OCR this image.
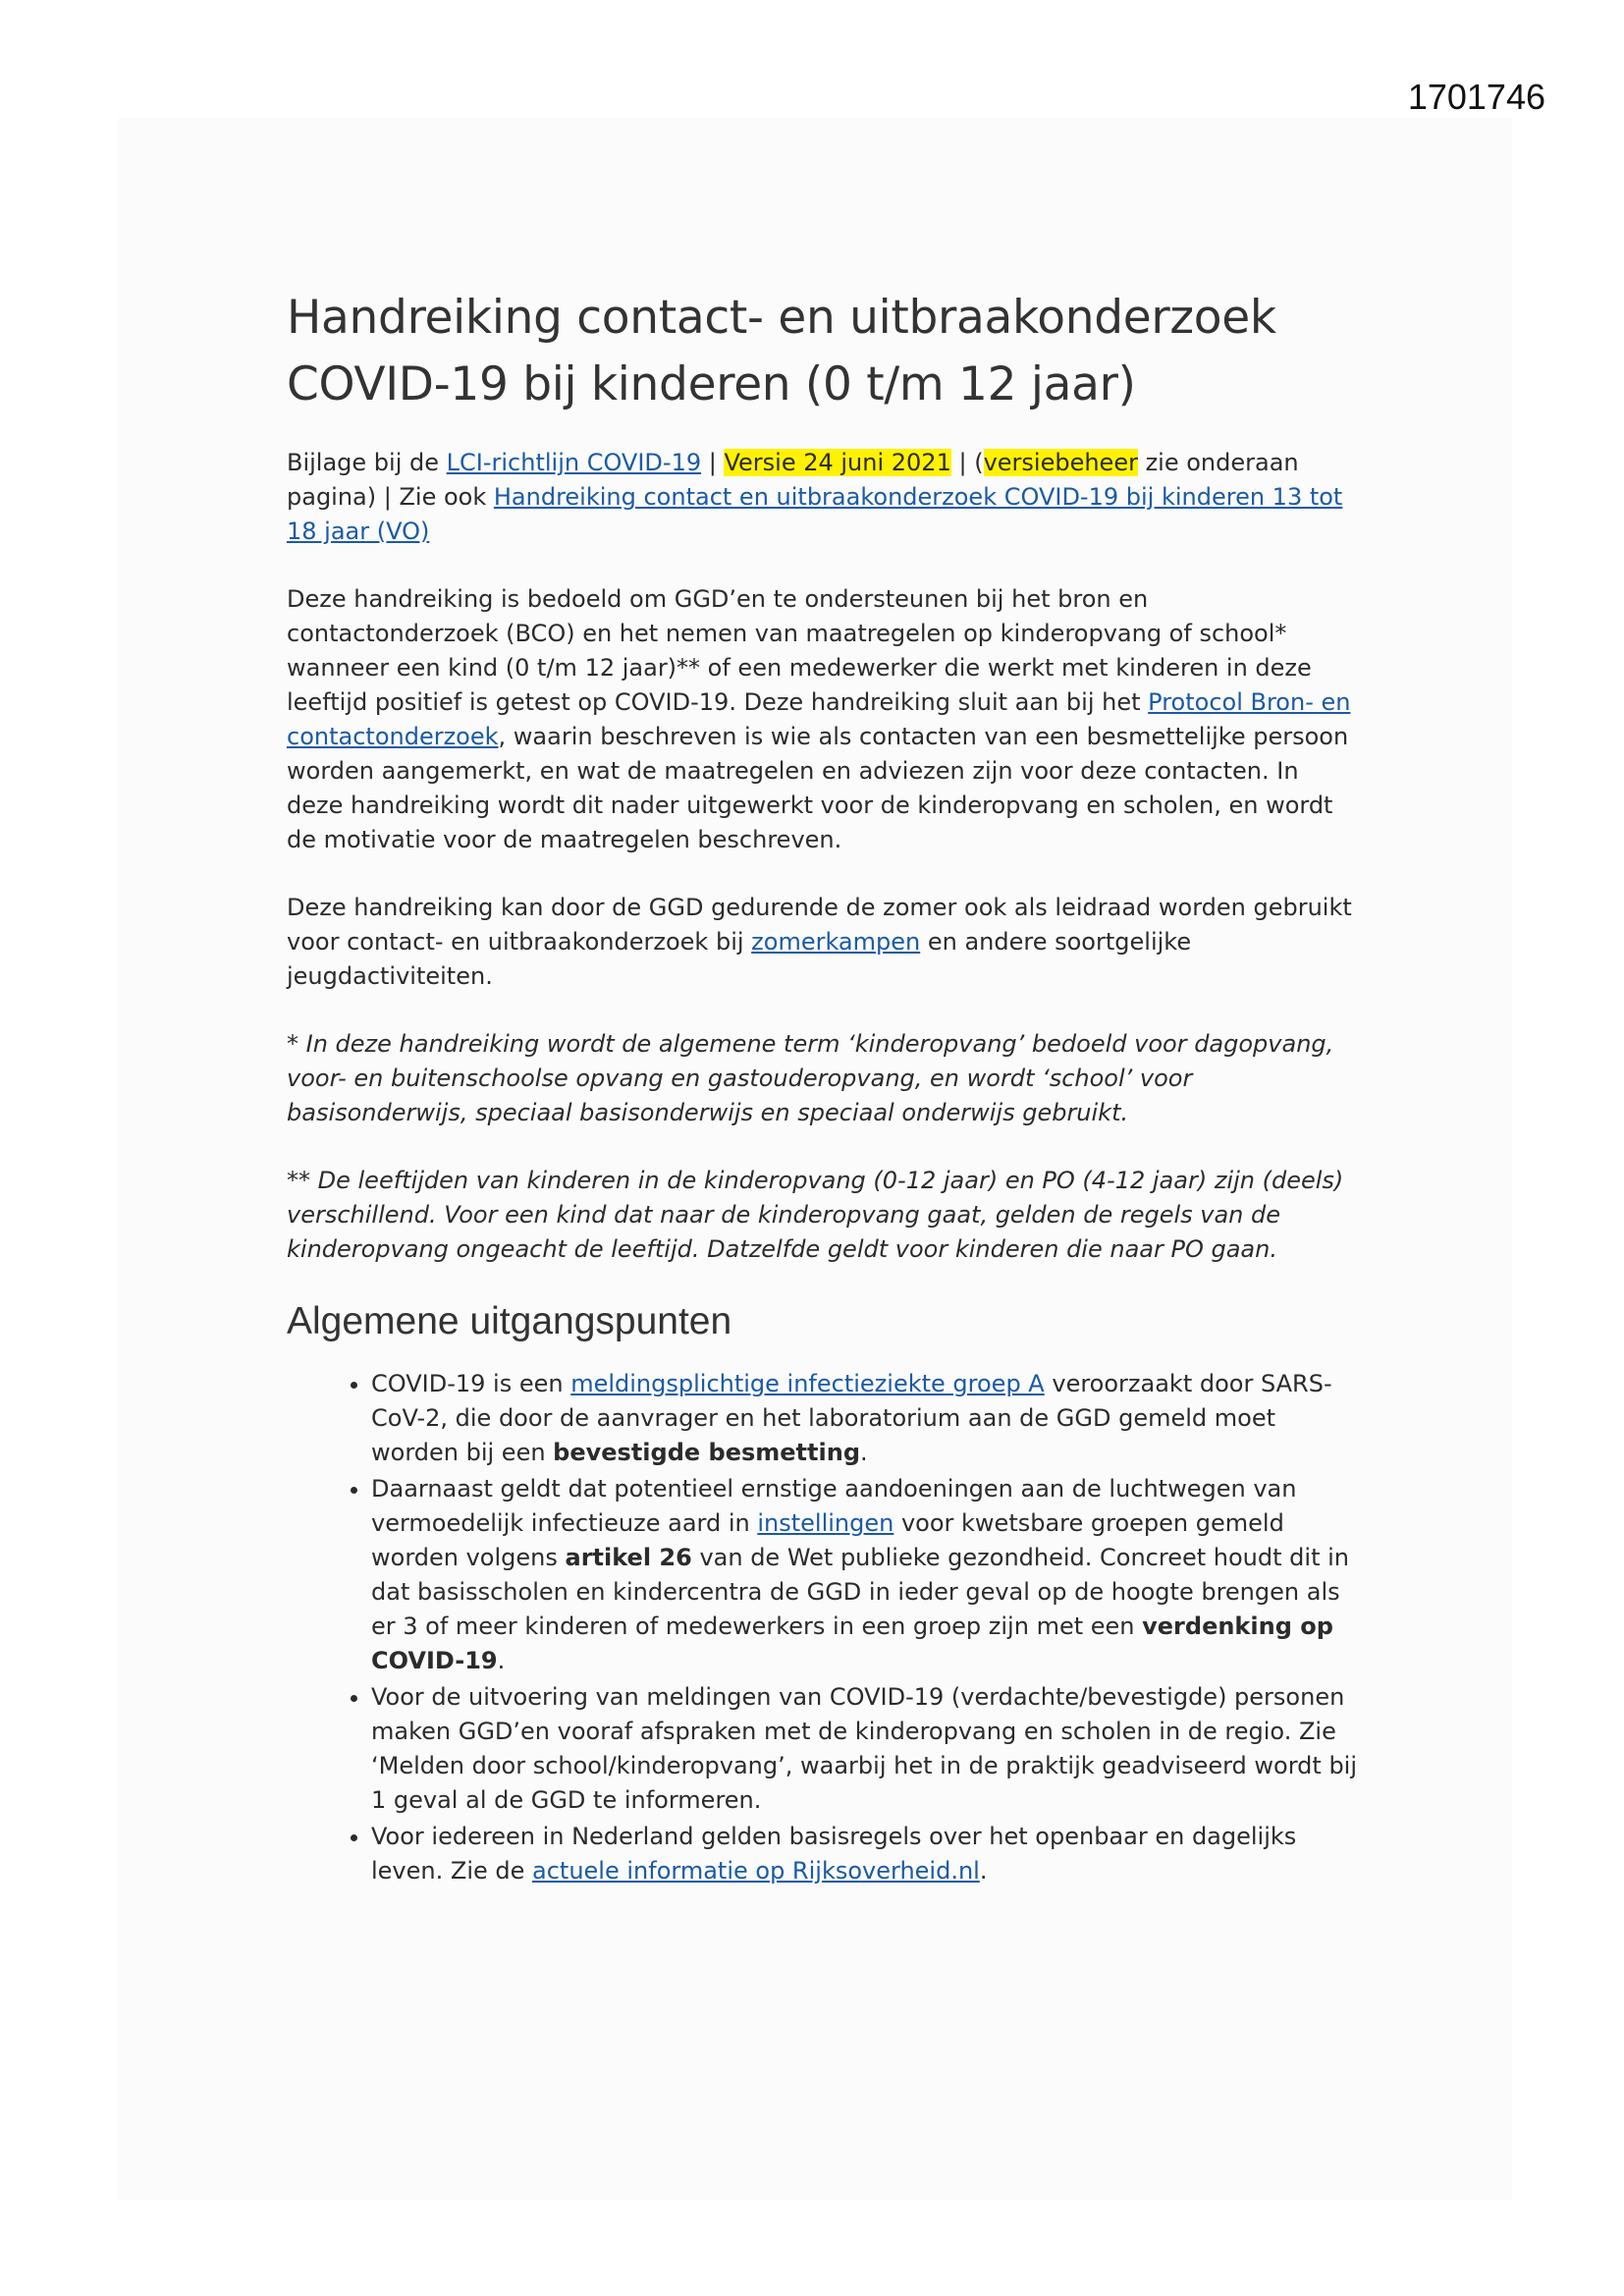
1701746
Handreiking contact- en uitbraakonderzoek COVID-19 bij kinderen (0 t/m 12 jaar)

Bijlage bij de LCI-richtlijn COVID-19 | Versie 24 juni 2021 | (versiebeheer zie onderaan pagina) | Zie ook Handreiking contact en uitbraakonderzoek COVID-19 bij kinderen 13 tot 18 jaar (VO)

Deze handreiking is bedoeld om GGD’en te ondersteunen bij het bron en contactonderzoek (BCO) en het nemen van maatregelen op kinderopvang of school* wanneer een kind (0 t/m 12 jaar)** of een medewerker die werkt met kinderen in deze leeftijd positief is getest op COVID-19. Deze handreiking sluit aan bij het Protocol Bron- en contactonderzoek, waarin beschreven is wie als contacten van een besmettelijke persoon worden aangemerkt, en wat de maatregelen en adviezen zijn voor deze contacten. In deze handreiking wordt dit nader uitgewerkt voor de kinderopvang en scholen, en wordt de motivatie voor de maatregelen beschreven.

Deze handreiking kan door de GGD gedurende de zomer ook als leidraad worden gebruikt voor contact- en uitbraakonderzoek bij zomerkampen en andere soortgelijke jeugdactiviteiten.

* In deze handreiking wordt de algemene term ‘kinderopvang’ bedoeld voor dagopvang, voor- en buitenschoolse opvang en gastouderopvang, en wordt ‘school’ voor basisonderwijs, speciaal basisonderwijs en speciaal onderwijs gebruikt.

** De leeftijden van kinderen in de kinderopvang (0-12 jaar) en PO (4-12 jaar) zijn (deels) verschillend. Voor een kind dat naar de kinderopvang gaat, gelden de regels van de kinderopvang ongeacht de leeftijd. Datzelfde geldt voor kinderen die naar PO gaan.

Algemene uitgangspunten
• COVID-19 is een meldingsplichtige infectieziekte groep A veroorzaakt door SARS-CoV-2, die door de aanvrager en het laboratorium aan de GGD gemeld moet worden bij een bevestigde besmetting.
• Daarnaast geldt dat potentieel ernstige aandoeningen aan de luchtwegen van vermoedelijk infectieuze aard in instellingen voor kwetsbare groepen gemeld worden volgens artikel 26 van de Wet publieke gezondheid. Concreet houdt dit in dat basisscholen en kindercentra de GGD in ieder geval op de hoogte brengen als er 3 of meer kinderen of medewerkers in een groep zijn met een verdenking op COVID-19.
• Voor de uitvoering van meldingen van COVID-19 (verdachte/bevestigde) personen maken GGD’en vooraf afspraken met de kinderopvang en scholen in de regio. Zie ‘Melden door school/kinderopvang’, waarbij het in de praktijk geadviseerd wordt bij 1 geval al de GGD te informeren.
• Voor iedereen in Nederland gelden basisregels over het openbaar en dagelijks leven. Zie de actuele informatie op Rijksoverheid.nl.
